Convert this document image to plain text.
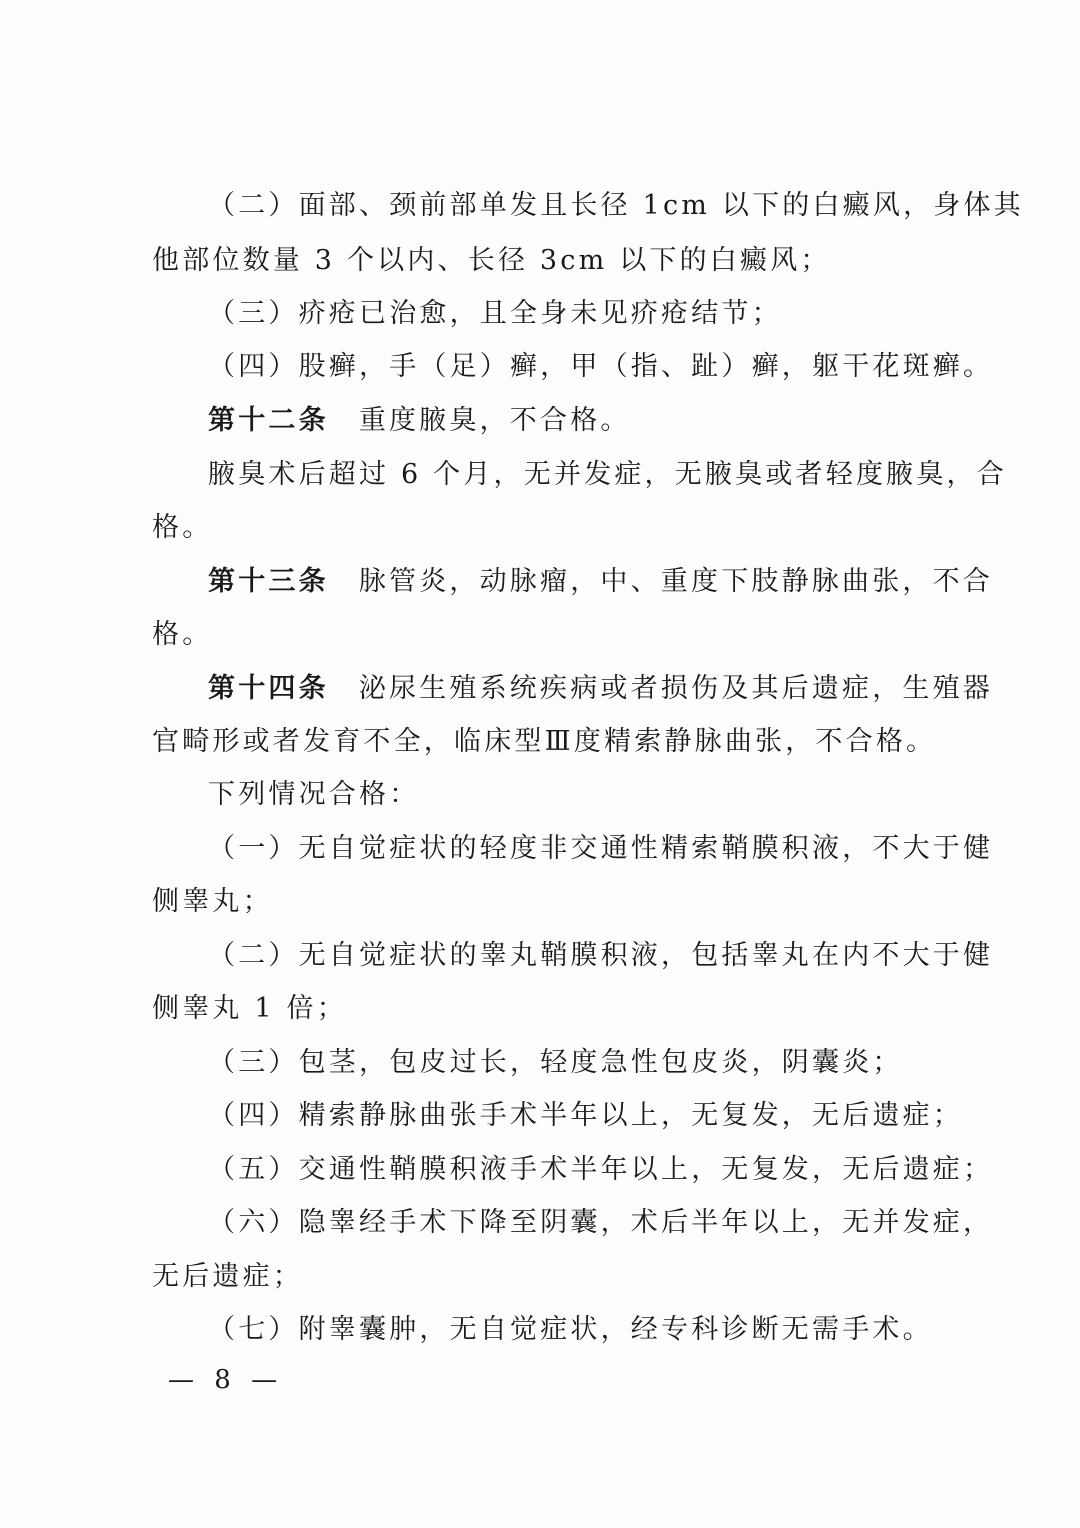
（二）面部、颈前部单发且长径 1cm 以下的白癜风，身体其
他部位数量 3 个以内、长径 3cm 以下的白癜风；
（三）疥疮已治愈，且全身未见疥疮结节；
（四）股癣，手（足）癣，甲（指、趾）癣，躯干花斑癣。
第十二条 重度腋臭，不合格。
腋臭术后超过 6 个月，无并发症，无腋臭或者轻度腋臭，合
格。
第十三条 脉管炎，动脉瘤，中、重度下肢静脉曲张，不合
格。
第十四条 泌尿生殖系统疾病或者损伤及其后遗症，生殖器
官畸形或者发育不全，临床型Ⅲ度精索静脉曲张，不合格。
下列情况合格：
（一）无自觉症状的轻度非交通性精索鞘膜积液，不大于健
侧睾丸；
（二）无自觉症状的睾丸鞘膜积液，包括睾丸在内不大于健
侧睾丸 1 倍；
（三）包茎，包皮过长，轻度急性包皮炎，阴囊炎；
（四）精索静脉曲张手术半年以上，无复发，无后遗症；
（五）交通性鞘膜积液手术半年以上，无复发，无后遗症；
（六）隐睾经手术下降至阴囊，术后半年以上，无并发症，
无后遗症；
（七）附睾囊肿，无自觉症状，经专科诊断无需手术。
— 8 —
